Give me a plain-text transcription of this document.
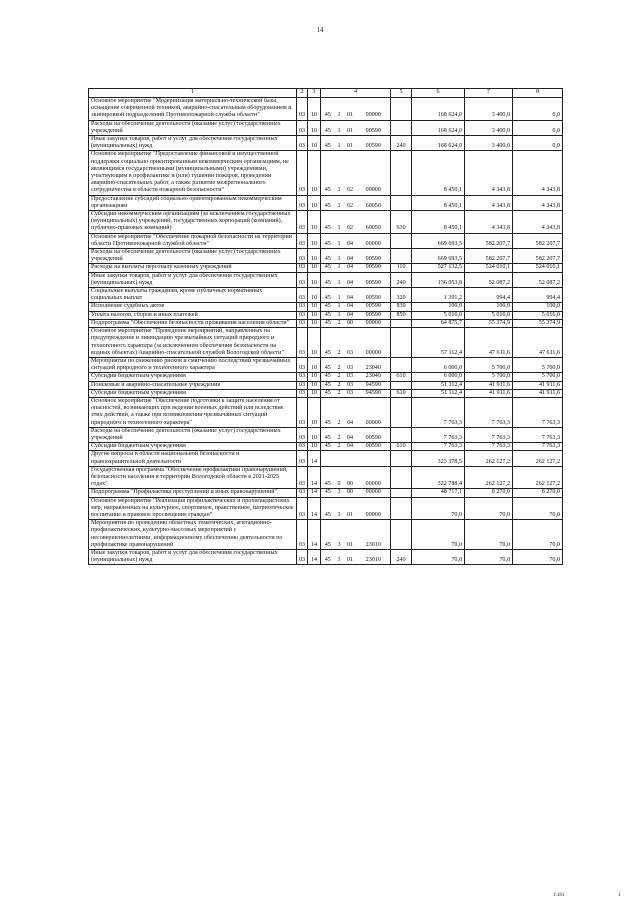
14
1	2	3	4				5	6	7	8
Основное мероприятие "Модернизация материально-технической базы, оснащение современной техникой, аварийно-спасательным оборудованием и экипировкой подразделений Противопожарной службы области"	03	10	45	1	01	00000		168 624,0	3 400,0	0,0
Расходы на обеспечение деятельности (оказание услуг) государственных учреждений	03	10	45	1	01	00590		168 624,0	3 400,0	0,0
Иные закупки товаров, работ и услуг для обеспечения государственных (муниципальных) нужд	03	10	45	1	01	00590	240	168 624,0	3 400,0	0,0
Основное мероприятие "Предоставление финансовой и имущественной поддержки социально ориентированным некоммерческим организациям, не являющимся государственными (муниципальными) учреждениями, участвующим в профилактике и (или) тушении пожаров, проведении аварийно-спасательных работ, а также развитие межрегионального сотрудничества в области пожарной безопасности"	03	10	45	1	02	00000		8 450,1	4 343,8	4 343,8
Предоставление субсидий социально ориентированным некоммерческим организациям	03	10	45	1	02	60050		8 450,1	4 343,8	4 343,8
Субсидии некоммерческим организациям (за исключением государственных (муниципальных) учреждений, государственных корпораций (компаний), публично-правовых компаний)	03	10	45	1	02	60050	630	8 450,1	4 343,8	4 343,8
Основное мероприятие "Обеспечение пожарной безопасности на территории области Противопожарной службой области"	03	10	45	1	04	00000		669 693,5	582 207,7	582 207,7
Расходы на обеспечение деятельности (оказание услуг) государственных учреждений	03	10	45	1	04	00590		669 693,5	582 207,7	582 207,7
Расходы на выплаты персоналу казенных учреждений	03	10	45	1	04	00590	110	527 132,5	524 010,1	524 010,1
Иные закупки товаров, работ и услуг для обеспечения государственных (муниципальных) нужд	03	10	45	1	04	00590	240	136 053,8	52 087,2	52 087,2
Социальные выплаты гражданам, кроме публичных нормативных социальных выплат	03	10	45	1	04	00590	320	1 391,2	994,4	994,4
Исполнение судебных актов	03	10	45	1	04	00590	830	100,0	100,0	100,0
Уплата налогов, сборов и иных платежей	03	10	45	1	04	00590	850	5 016,0	5 016,0	5 016,0
Подпрограмма "Обеспечение безопасности проживания населения области"	03	10	45	2	00	00000		64 875,7	55 374,9	55 374,9
Основное мероприятие "Проведение мероприятий, направленных на предупреждение и ликвидацию чрезвычайных ситуаций природного и техногенного характера (за исключением обеспечения безопасности на водных объектах) Аварийно-спасательной службой Вологодской области"	03	10	45	2	03	00000		57 112,4	47 611,6	47 611,6
Мероприятия по снижению рисков и смягчению последствий чрезвычайных ситуаций природного и техногенного характера	03	10	45	2	03	23040		6 000,0	5 700,0	5 700,0
Субсидии бюджетным учреждениям	03	10	45	2	03	23040	610	6 000,0	5 700,0	5 700,0
Поисковые и аварийно-спасательные учреждения	03	10	45	2	03	94590		51 112,4	41 911,6	41 911,6
Субсидии бюджетным учреждениям	03	10	45	2	03	94590	610	51 112,4	41 911,6	41 911,6
Основное мероприятие "Обеспечение подготовки к защите населения от опасностей, возникающих при ведении военных действий или вследствие этих действий, а также при возникновении чрезвычайных ситуаций природного и техногенного характера"	03	10	45	2	04	00000		7 763,3	7 763,3	7 763,3
Расходы на обеспечение деятельности (оказание услуг) государственных учреждений	03	10	45	2	04	00590		7 763,3	7 763,3	7 763,3
Субсидии бюджетным учреждениям	03	10	45	2	04	00590	610	7 763,3	7 763,3	7 763,3
Другие вопросы в области национальной безопасности и правоохранительной деятельности	03	14						323 378,5	262 127,2	262 127,2
Государственная программа "Обеспечение профилактики правонарушений, безопасности населения и территории Вологодской области в 2021-2025 годах"	03	14	45	0	00	00000		322 788,4	262 127,2	262 127,2
Подпрограмма "Профилактика преступлений и иных правонарушений"	03	14	45	3	00	00000		48 717,1	8 270,0	8 270,0
Основное мероприятие "Реализация профилактических и пропагандистских мер, направленных на культурное, спортивное, нравственное, патриотическое воспитание и правовое просвещение граждан"	03	14	45	3	01	00000		70,0	70,0	70,0
Мероприятия по проведению областных тематических, агитационно-профилактических, культурно-массовых мероприятий с несовершеннолетними, информационному обеспечению деятельности по профилактике правонарушений	03	14	45	3	01	23010		70,0	70,0	70,0
Иные закупки товаров, работ и услуг для обеспечения государственных (муниципальных) нужд	03	14	45	3	01	23010	240	70,0	70,0	70,0
1\181	1
